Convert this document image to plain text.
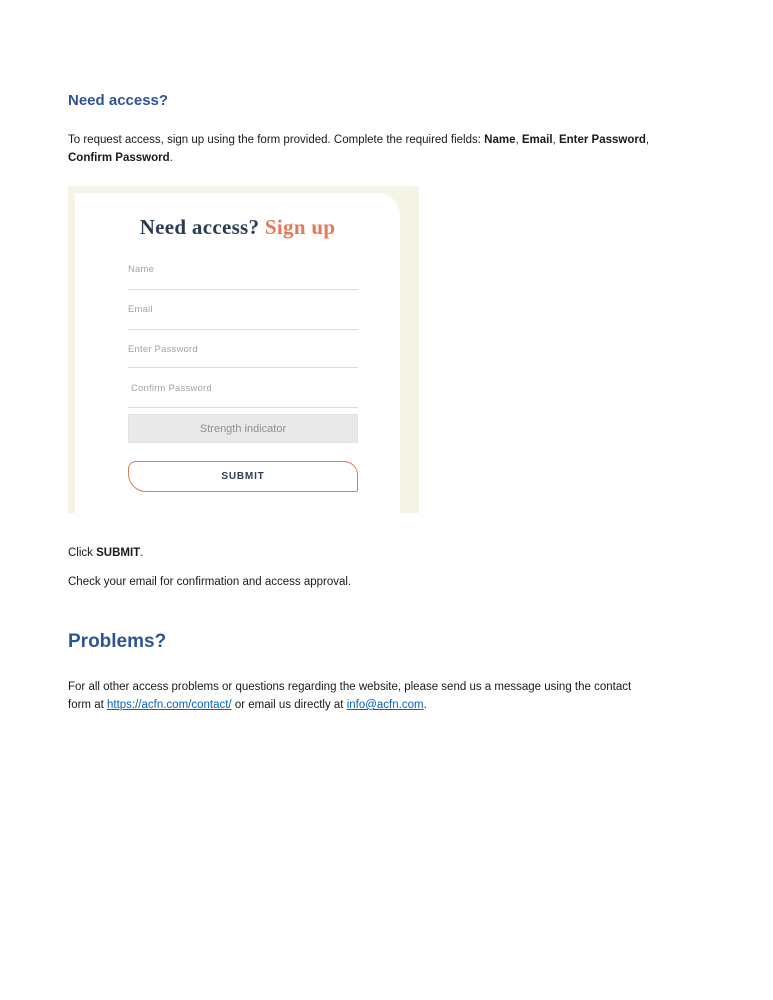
Need access?
To request access, sign up using the form provided. Complete the required fields: Name, Email, Enter Password,
Confirm Password.
Need access? Sign up
Name
Email
Enter Password
Confirm Password
Strength indicator
SUBMIT
Click SUBMIT.
Check your email for confirmation and access approval.
Problems?
For all other access problems or questions regarding the website, please send us a message using the contact
form at https://acfn.com/contact/ or email us directly at info@acfn.com.
